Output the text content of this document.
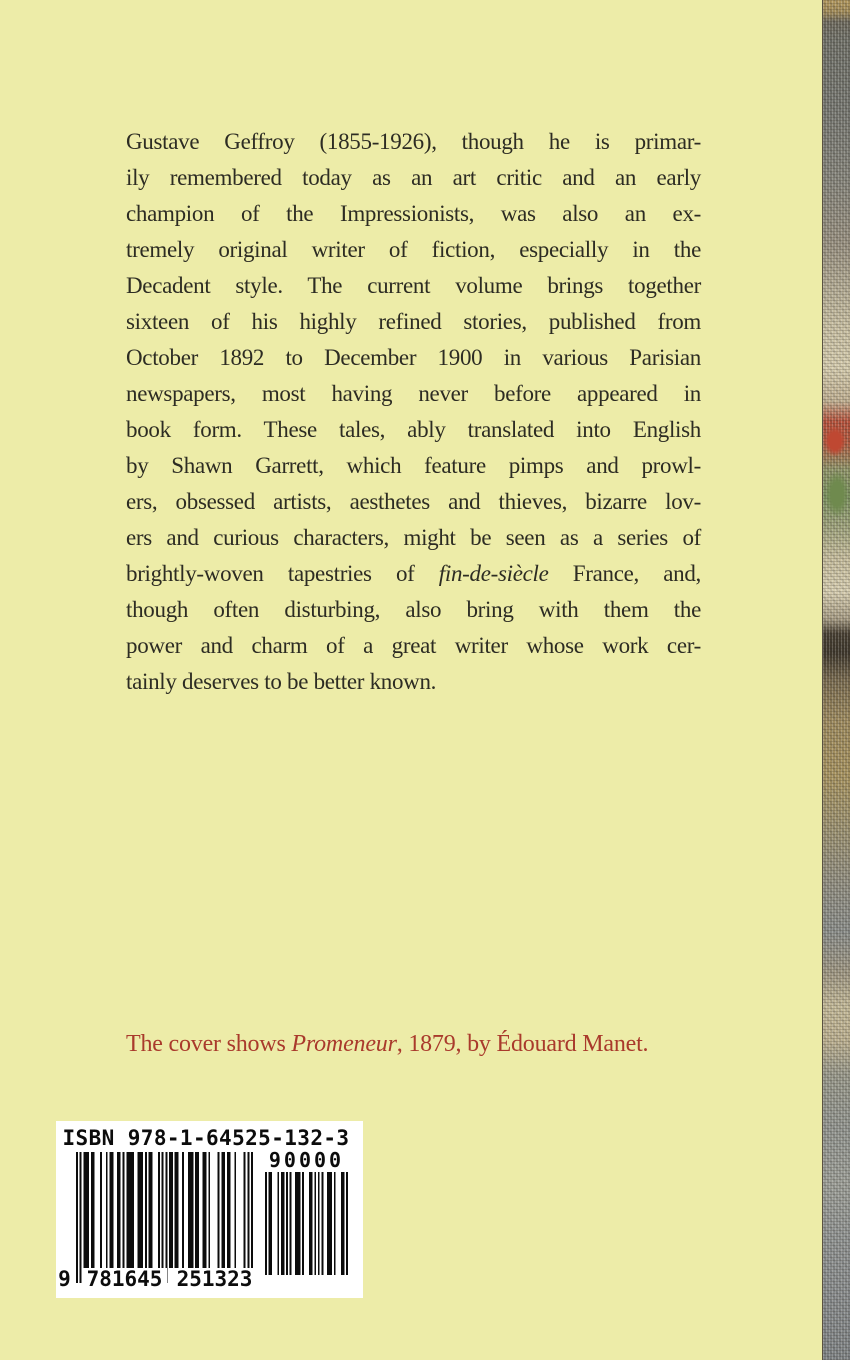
Gustave Geffroy (1855-1926), though he is primar-
ily remembered today as an art critic and an early
champion of the Impressionists, was also an ex-
tremely original writer of fiction, especially in the
Decadent style. The current volume brings together
sixteen of his highly refined stories, published from
October 1892 to December 1900 in various Parisian
newspapers, most having never before appeared in
book form. These tales, ably translated into English
by Shawn Garrett, which feature pimps and prowl-
ers, obsessed artists, aesthetes and thieves, bizarre lov-
ers and curious characters, might be seen as a series of
brightly-woven tapestries of fin-de-siècle France, and,
though often disturbing, also bring with them the
power and charm of a great writer whose work cer-
tainly deserves to be better known.
The cover shows Promeneur, 1879, by Édouard Manet.
ISBN 978-1-64525-132-3
9 781645 251323
90000
